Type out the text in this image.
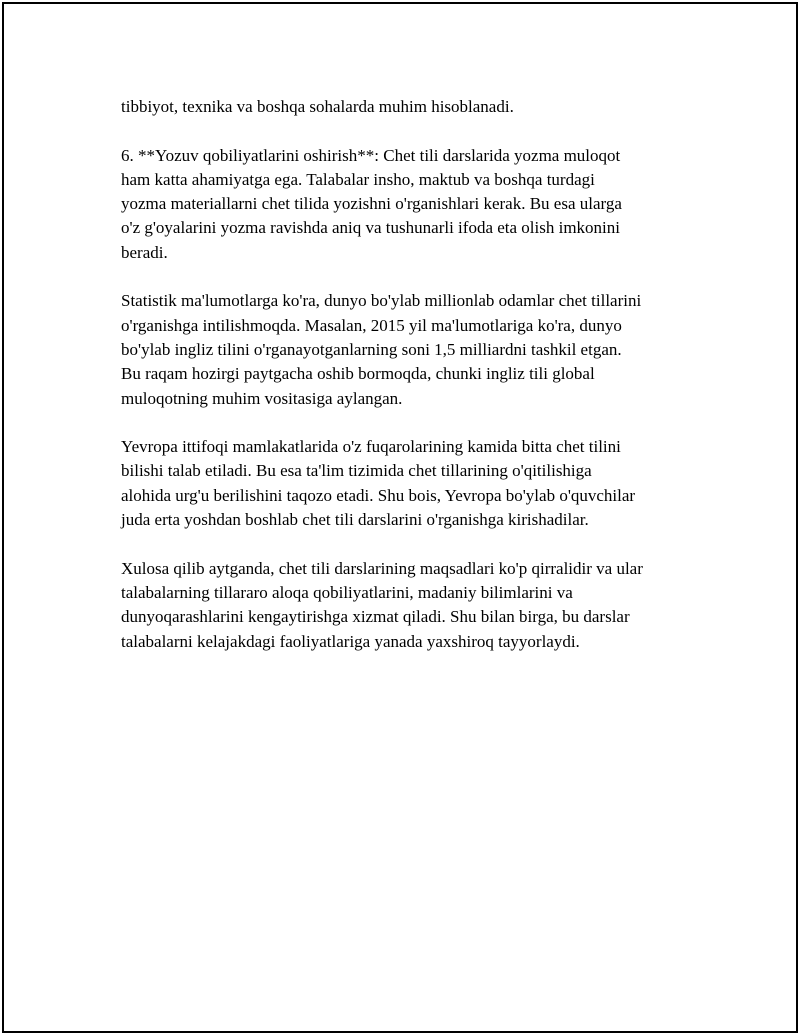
tibbiyot, texnika va boshqa sohalarda muhim hisoblanadi.

6. **Yozuv qobiliyatlarini oshirish**: Chet tili darslarida yozma muloqot
ham katta ahamiyatga ega. Talabalar insho, maktub va boshqa turdagi
yozma materiallarni chet tilida yozishni o'rganishlari kerak. Bu esa ularga
o'z g'oyalarini yozma ravishda aniq va tushunarli ifoda eta olish imkonini
beradi.

Statistik ma'lumotlarga ko'ra, dunyo bo'ylab millionlab odamlar chet tillarini
o'rganishga intilishmoqda. Masalan, 2015 yil ma'lumotlariga ko'ra, dunyo
bo'ylab ingliz tilini o'rganayotganlarning soni 1,5 milliardni tashkil etgan.
Bu raqam hozirgi paytgacha oshib bormoqda, chunki ingliz tili global
muloqotning muhim vositasiga aylangan.

Yevropa ittifoqi mamlakatlarida o'z fuqarolarining kamida bitta chet tilini
bilishi talab etiladi. Bu esa ta'lim tizimida chet tillarining o'qitilishiga
alohida urg'u berilishini taqozo etadi. Shu bois, Yevropa bo'ylab o'quvchilar
juda erta yoshdan boshlab chet tili darslarini o'rganishga kirishadilar.

Xulosa qilib aytganda, chet tili darslarining maqsadlari ko'p qirralidir va ular
talabalarning tillararo aloqa qobiliyatlarini, madaniy bilimlarini va
dunyoqarashlarini kengaytirishga xizmat qiladi. Shu bilan birga, bu darslar
talabalarni kelajakdagi faoliyatlariga yanada yaxshiroq tayyorlaydi.
